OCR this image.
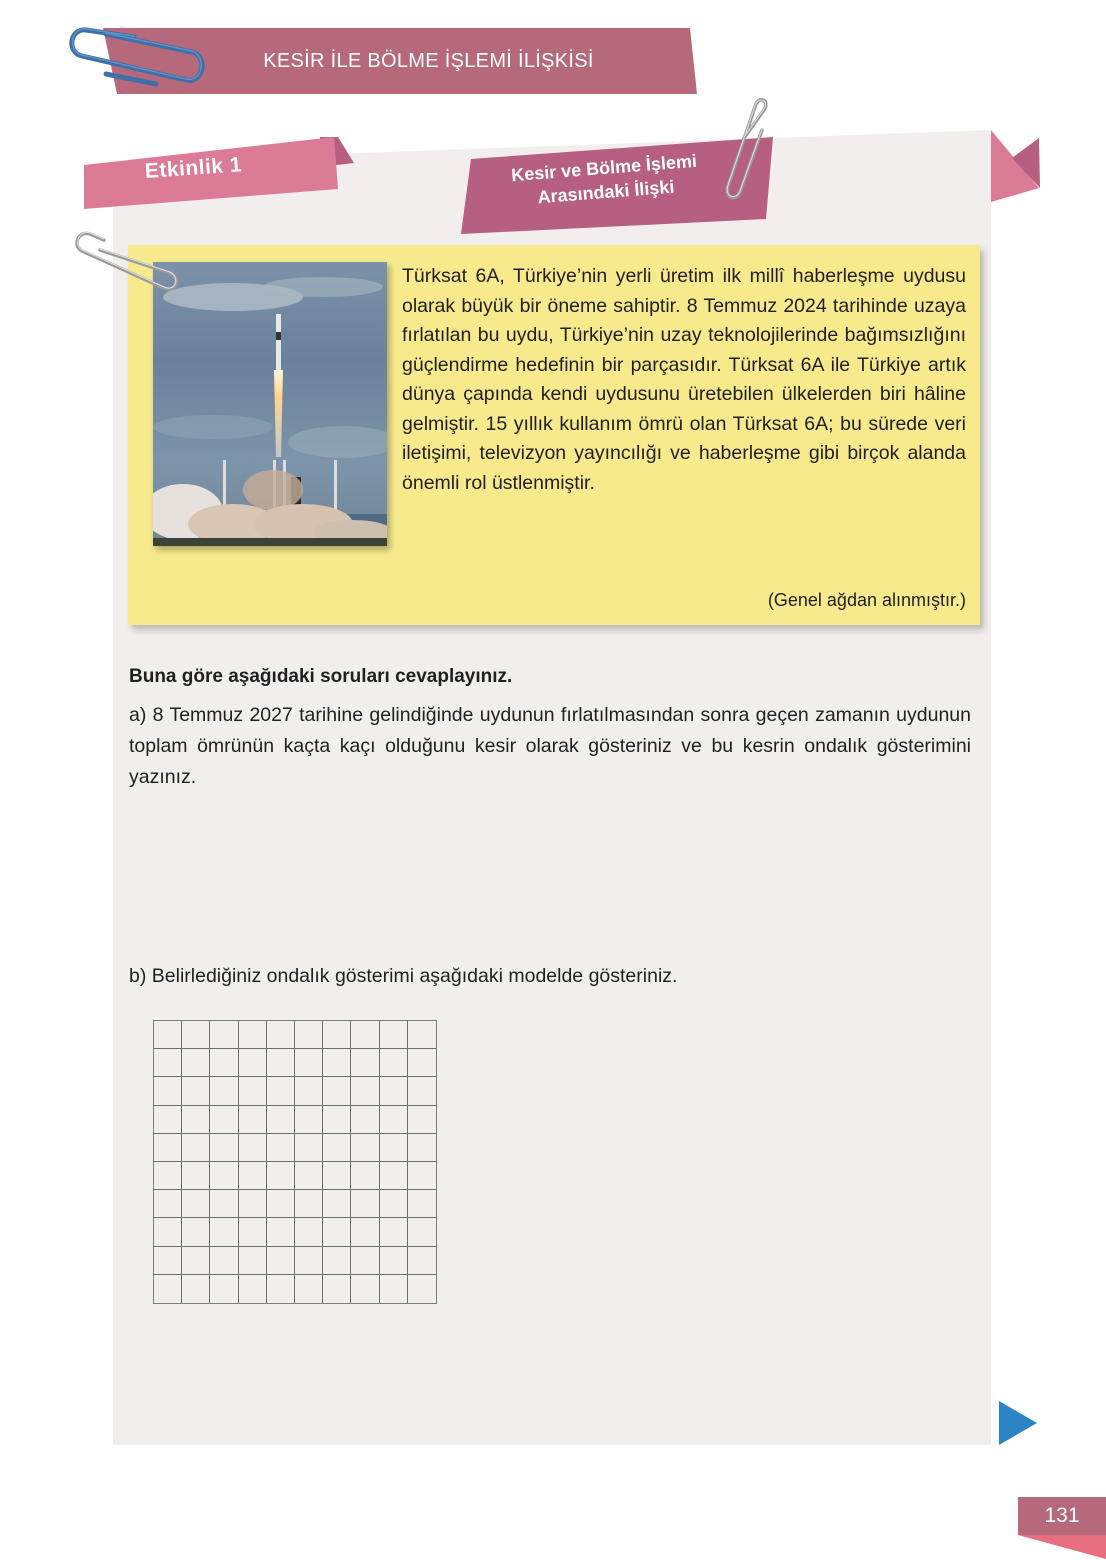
KESİR İLE BÖLME İŞLEMİ İLİŞKİSİ
Etkinlik 1	Kesir ve Bölme İşlemi
Arasındaki İlişki

Türksat 6A, Türkiye’nin yerli üretim ilk millî haberleşme uydusu olarak büyük bir öneme sahiptir. 8 Temmuz 2024 tarihinde uzaya fırlatılan bu uydu, Türkiye’nin uzay teknolojilerinde bağımsızlığını güçlendirme hedefinin bir parçasıdır. Türksat 6A ile Türkiye artık dünya çapında kendi uydusunu üretebilen ülkelerden biri hâline gelmiştir. 15 yıllık kullanım ömrü olan Türksat 6A; bu sürede veri iletişimi, televizyon yayıncılığı ve haberleşme gibi birçok alanda önemli rol üstlenmiştir.

(Genel ağdan alınmıştır.)
Buna göre aşağıdaki soruları cevaplayınız.
a) 8 Temmuz 2027 tarihine gelindiğinde uydunun fırlatılmasından sonra geçen zamanın uydunun toplam ömrünün kaçta kaçı olduğunu kesir olarak gösteriniz ve bu kesrin ondalık gösterimini yazınız.
b) Belirlediğiniz ondalık gösterimi aşağıdaki modelde gösteriniz.
131
